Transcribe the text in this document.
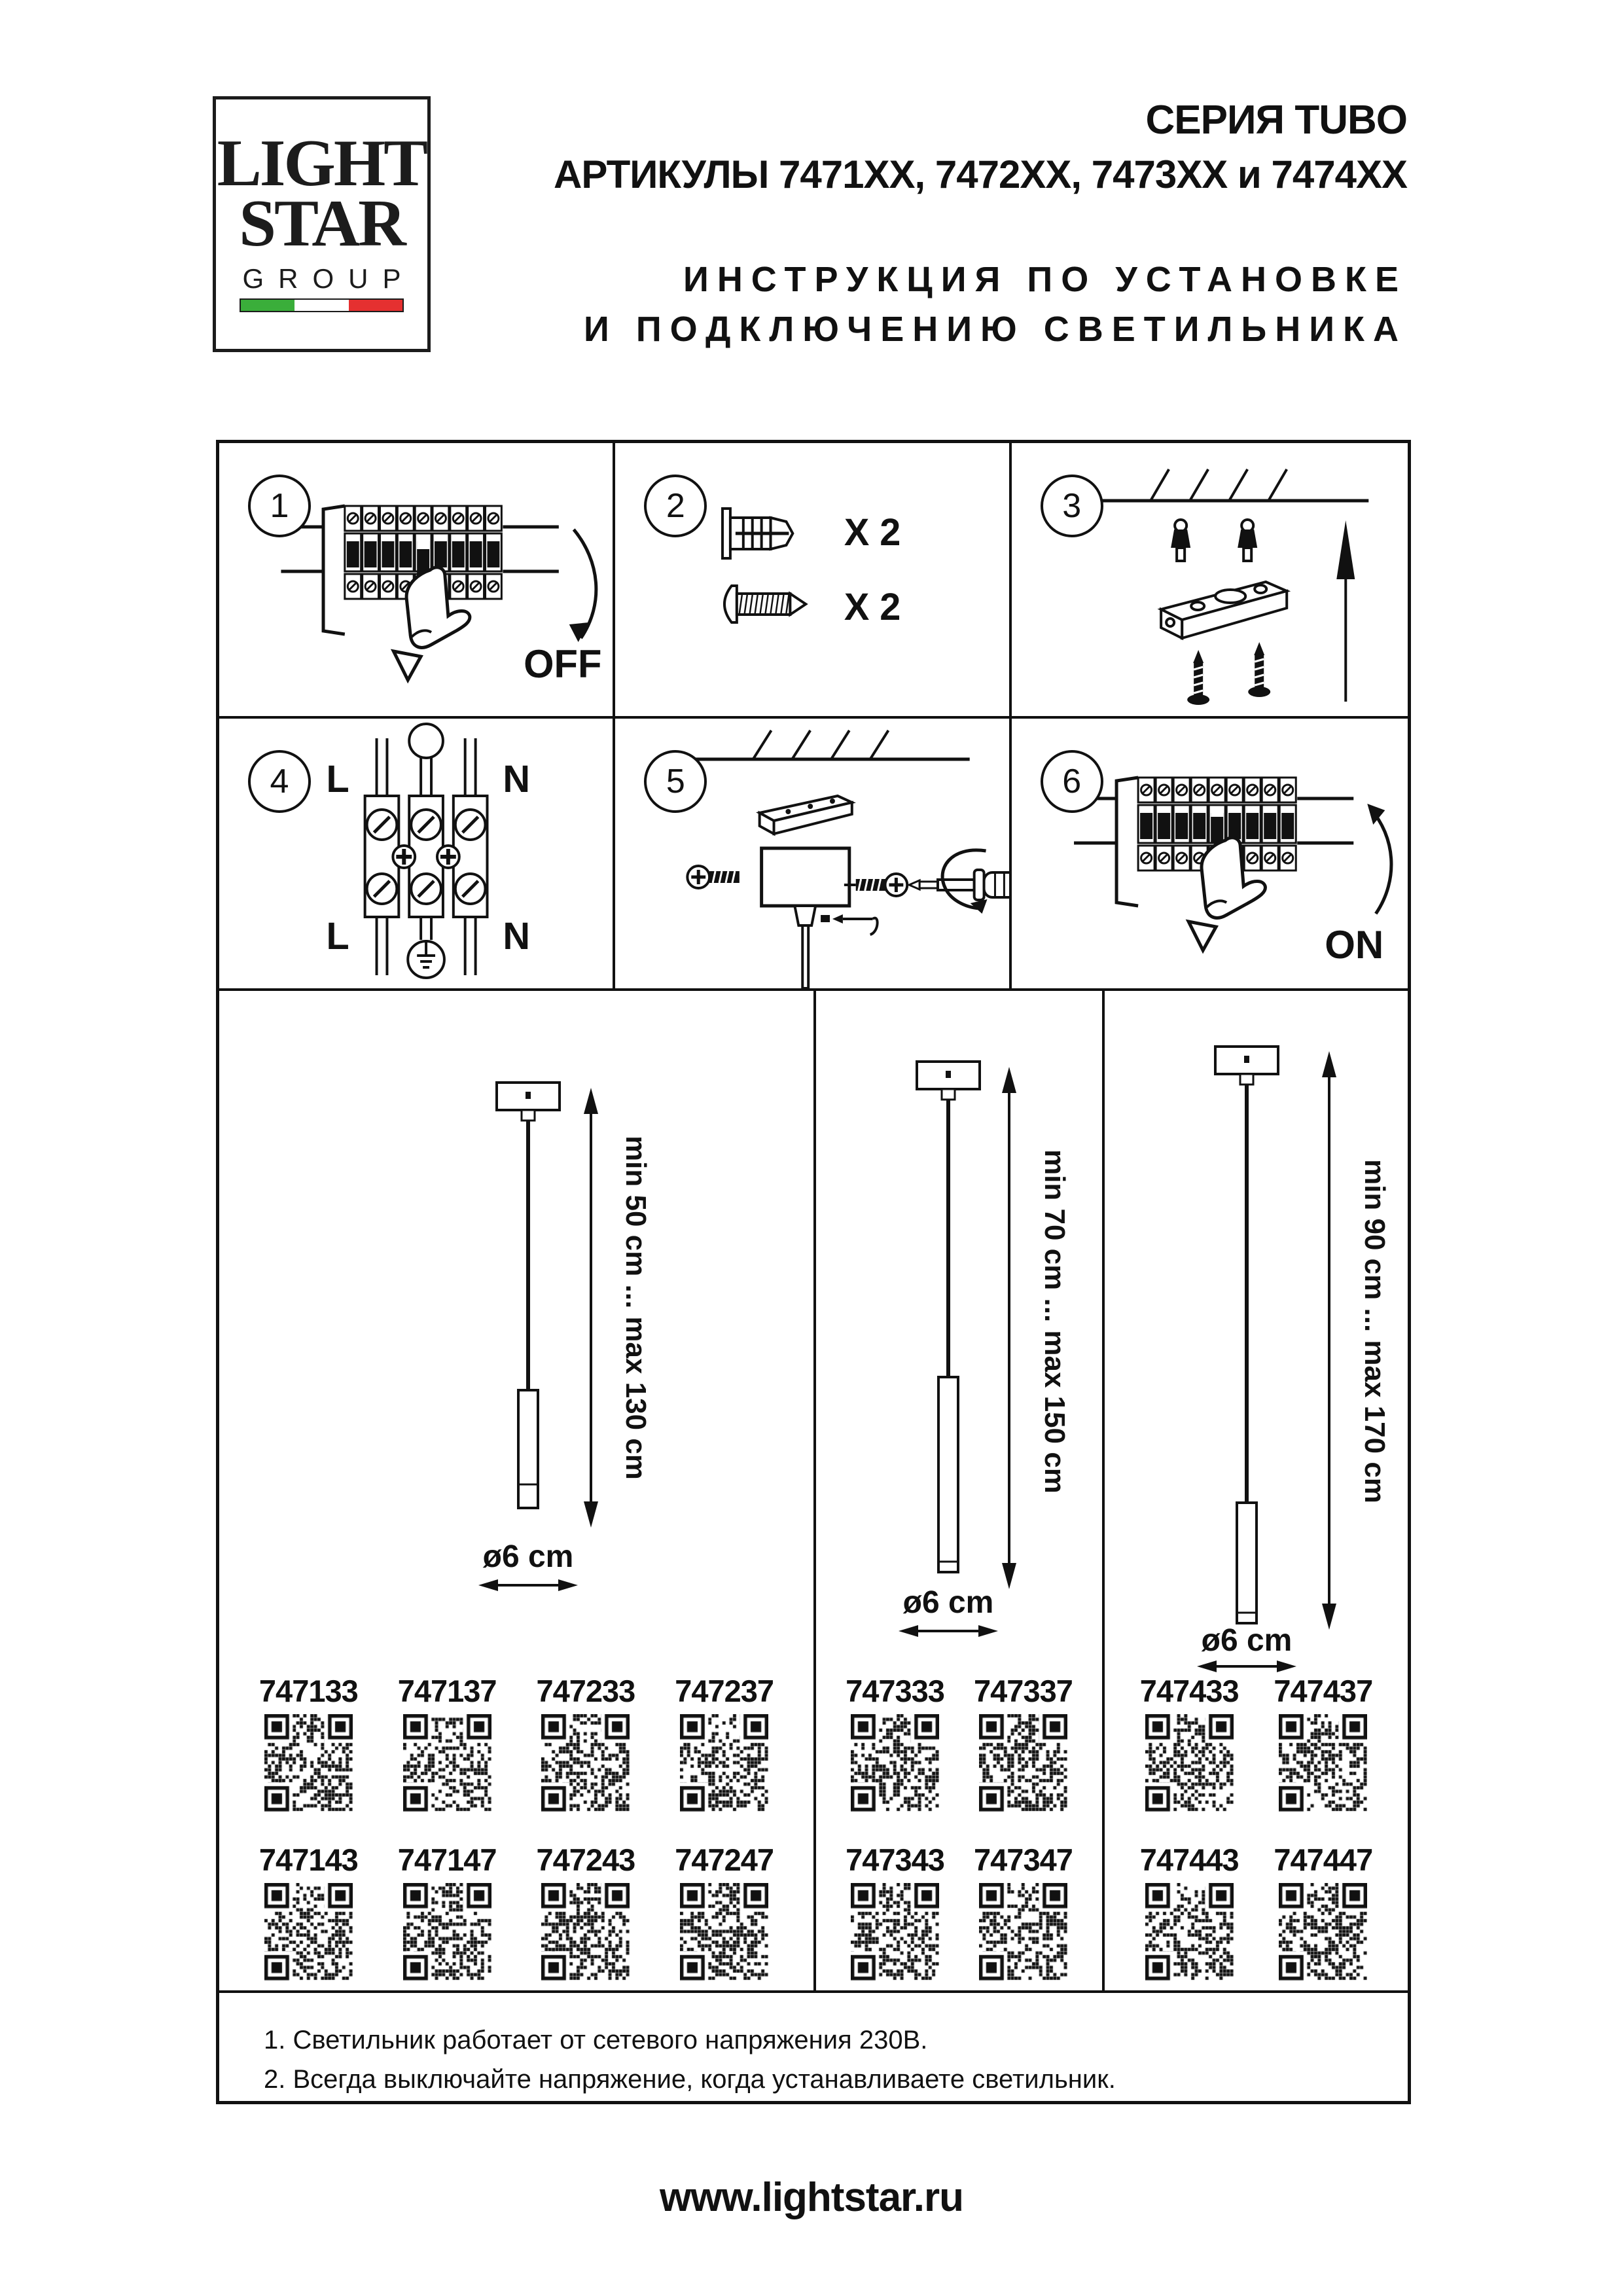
LIGHT
STAR
GROUP
СЕРИЯ TUBO
АРТИКУЛЫ 7471ХХ, 7472ХХ, 7473ХХ и 7474ХХ
ИНСТРУКЦИЯ ПО УСТАНОВКЕ
И ПОДКЛЮЧЕНИЮ СВЕТИЛЬНИКА
1
OFF
2
X 2
X 2
3
4 L	N
L	N
5	6
ON
min 50 cm ... max 130 cm
ø6 cm
747133 747137 747233 747237
747143 747147 747243 747247
min 70 cm ... max 150 cm
ø6 cm
747333 747337
747343 747347
min 90 cm ... max 170 cm
ø6 cm
747433 747437
747443 747447
1. Светильник работает от сетевого напряжения 230В.
2. Всегда выключайте напряжение, когда устанавливаете светильник.
www.lightstar.ru
